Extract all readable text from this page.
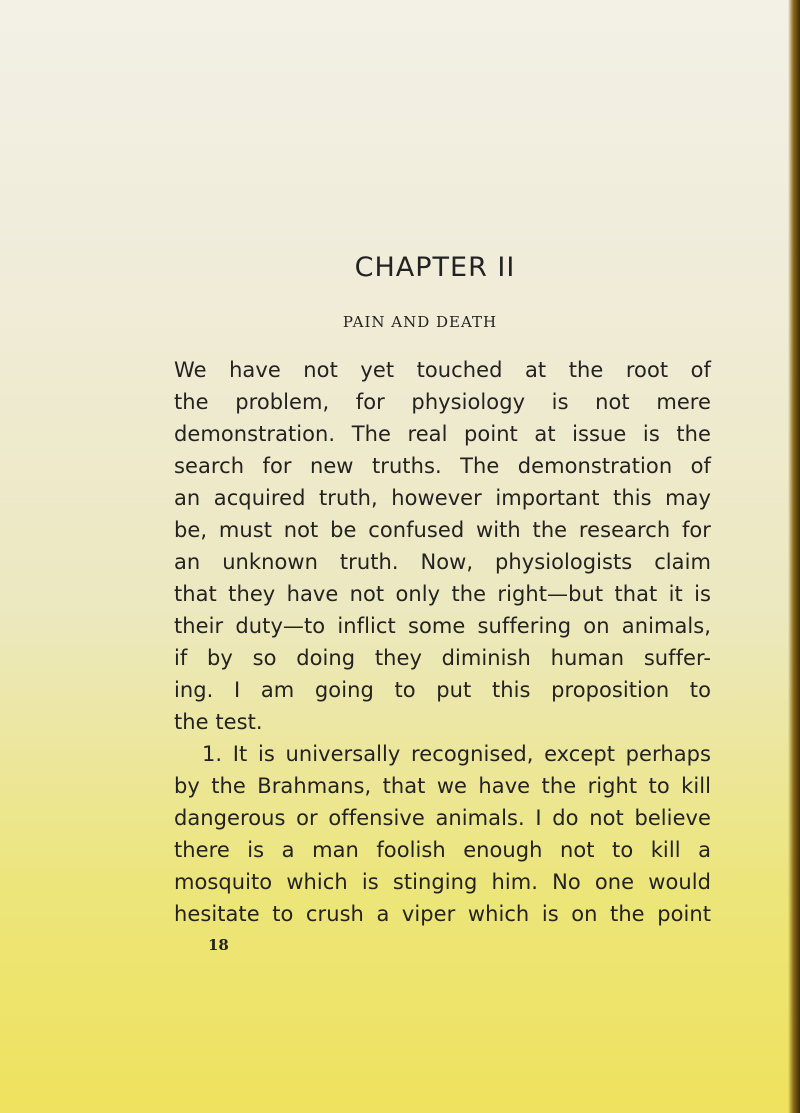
CHAPTER II
PAIN AND DEATH
We have not yet touched at the root of
the problem, for physiology is not mere
demonstration. The real point at issue is the
search for new truths. The demonstration of
an acquired truth, however important this may
be, must not be confused with the research for
an unknown truth. Now, physiologists claim
that they have not only the right—but that it is
their duty—to inflict some suffering on animals,
if by so doing they diminish human suffer-
ing. I am going to put this proposition to
the test.
1. It is universally recognised, except perhaps
by the Brahmans, that we have the right to kill
dangerous or offensive animals. I do not believe
there is a man foolish enough not to kill a
mosquito which is stinging him. No one would
hesitate to crush a viper which is on the point
18
